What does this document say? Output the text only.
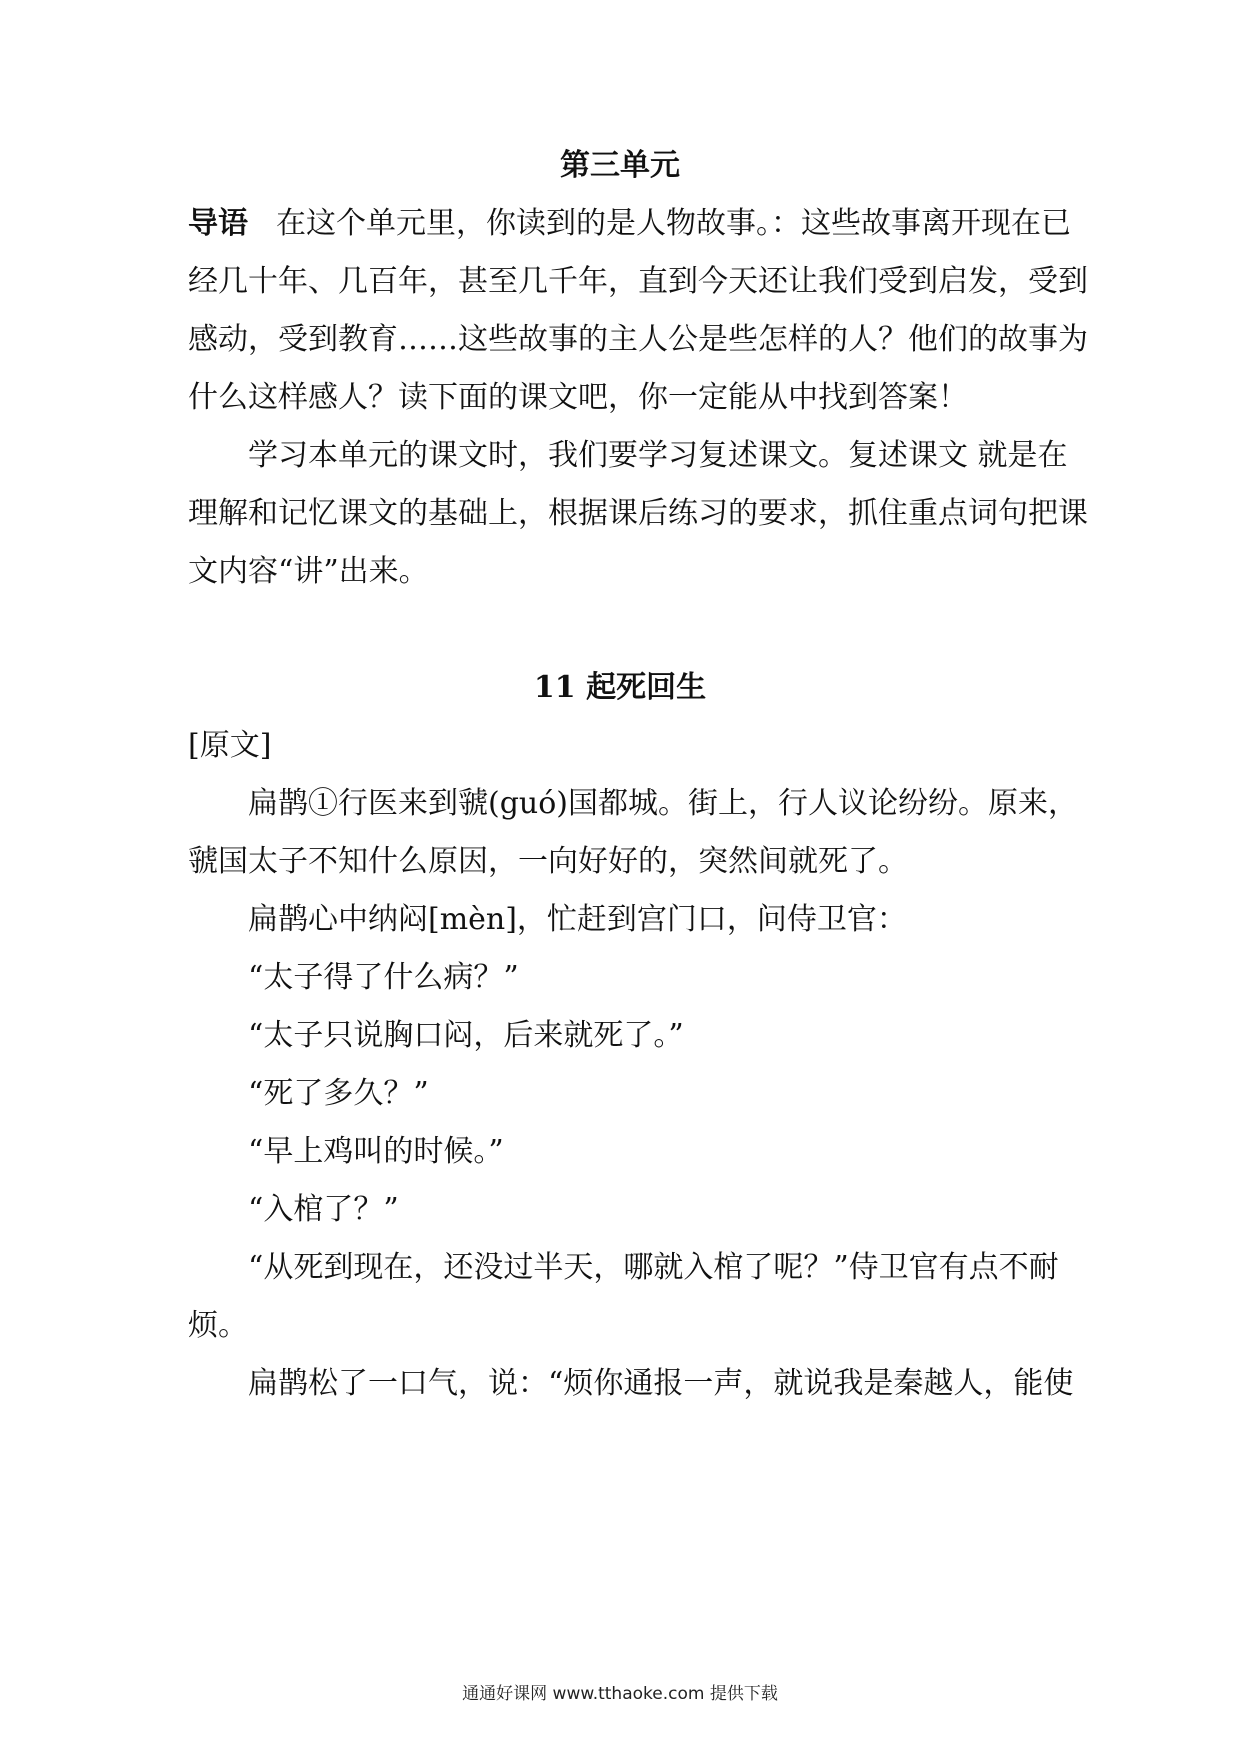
第三单元
导语 在这个单元里，你读到的是人物故事。：这些故事离开现在已
经几十年、几百年，甚至几千年，直到今天还让我们受到启发，受到
感动，受到教育……这些故事的主人公是些怎样的人？他们的故事为
什么这样感人？读下面的课文吧，你一定能从中找到答案！
学习本单元的课文时，我们要学习复述课文。复述课文 就是在
理解和记忆课文的基础上，根据课后练习的要求，抓住重点词句把课
文内容“讲”出来。
11 起死回生
[原文]
扁鹊①行医来到虢(guó)国都城。街上，行人议论纷纷。原来，
虢国太子不知什么原因，一向好好的，突然间就死了。
扁鹊心中纳闷[mèn]，忙赶到宫门口，问侍卫官：
“太子得了什么病？”
“太子只说胸口闷，后来就死了。”
“死了多久？”
“早上鸡叫的时候。”
“入棺了？”
“从死到现在，还没过半天，哪就入棺了呢？”侍卫官有点不耐
烦。
扁鹊松了一口气，说：“烦你通报一声，就说我是秦越人，能使
通通好课网 www.tthaoke.com 提供下载
